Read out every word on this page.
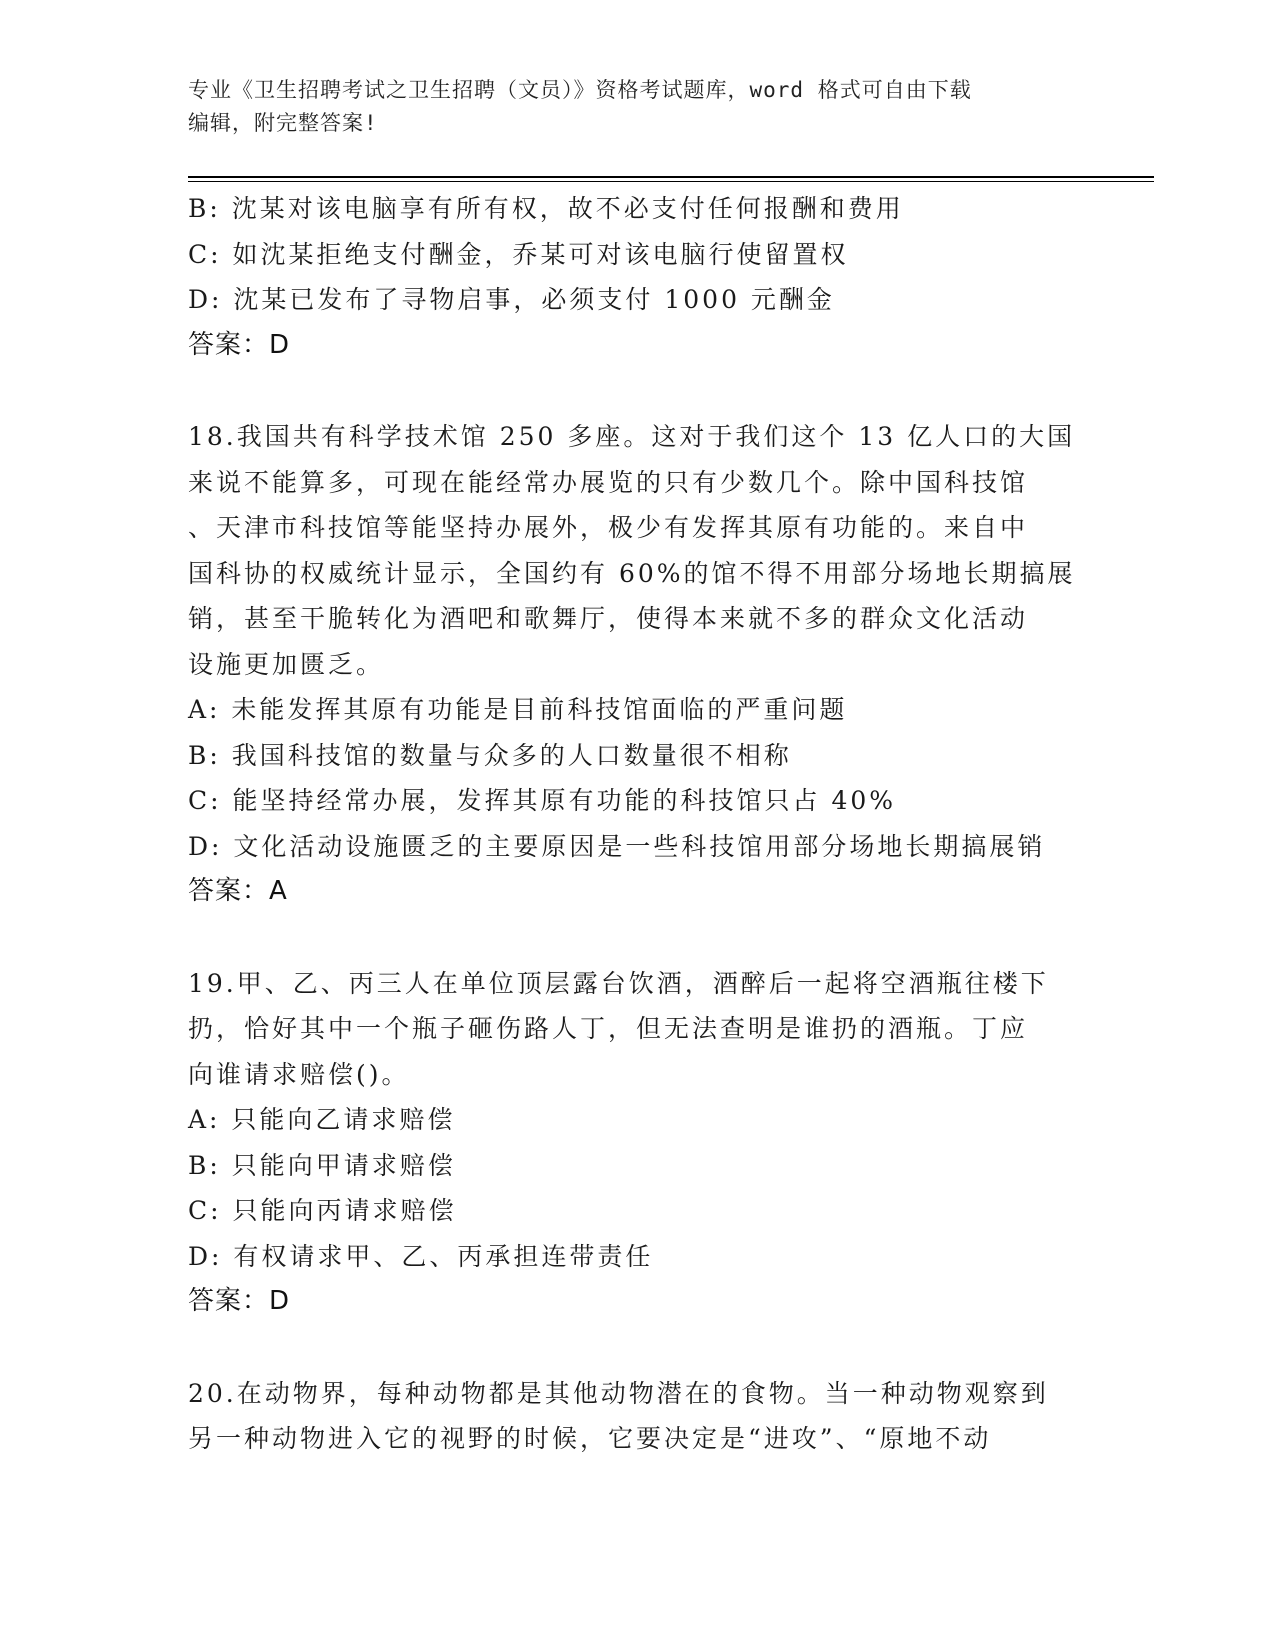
专业《卫生招聘考试之卫生招聘（文员）》资格考试题库，word 格式可自由下载
编辑，附完整答案!
B: 沈某对该电脑享有所有权，故不必支付任何报酬和费用
C: 如沈某拒绝支付酬金，乔某可对该电脑行使留置权
D: 沈某已发布了寻物启事，必须支付 1000 元酬金
答案：D
18.我国共有科学技术馆 250 多座。这对于我们这个 13 亿人口的大国
来说不能算多，可现在能经常办展览的只有少数几个。除中国科技馆
、天津市科技馆等能坚持办展外，极少有发挥其原有功能的。来自中
国科协的权威统计显示，全国约有 60%的馆不得不用部分场地长期搞展
销，甚至干脆转化为酒吧和歌舞厅，使得本来就不多的群众文化活动
设施更加匮乏。
A: 未能发挥其原有功能是目前科技馆面临的严重问题
B: 我国科技馆的数量与众多的人口数量很不相称
C: 能坚持经常办展，发挥其原有功能的科技馆只占 40%
D: 文化活动设施匮乏的主要原因是一些科技馆用部分场地长期搞展销
答案：A
19.甲、乙、丙三人在单位顶层露台饮酒，酒醉后一起将空酒瓶往楼下
扔，恰好其中一个瓶子砸伤路人丁，但无法查明是谁扔的酒瓶。丁应
向谁请求赔偿()。
A: 只能向乙请求赔偿
B: 只能向甲请求赔偿
C: 只能向丙请求赔偿
D: 有权请求甲、乙、丙承担连带责任
答案：D
20.在动物界，每种动物都是其他动物潜在的食物。当一种动物观察到
另一种动物进入它的视野的时候，它要决定是“进攻”、“原地不动
